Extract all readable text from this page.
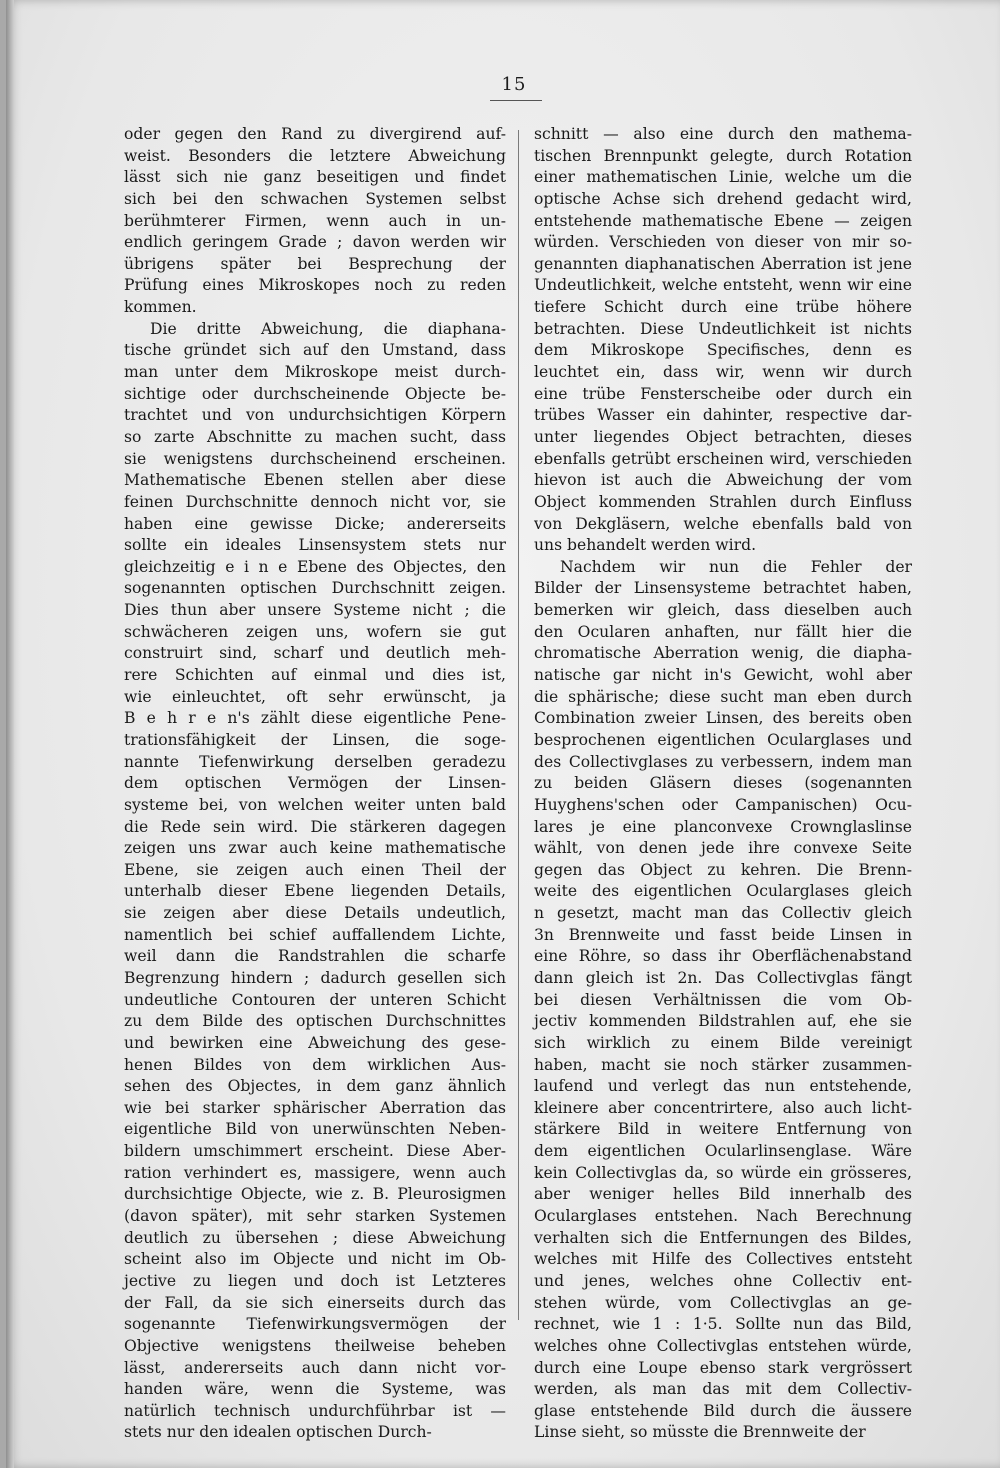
15
oder gegen den Rand zu divergirend auf-
weist. Besonders die letztere Abweichung
lässt sich nie ganz beseitigen und findet
sich bei den schwachen Systemen selbst
berühmterer Firmen, wenn auch in un-
endlich geringem Grade ; davon werden wir
übrigens später bei Besprechung der
Prüfung eines Mikroskopes noch zu reden
kommen.
Die dritte Abweichung, die diaphana-
tische gründet sich auf den Umstand, dass
man unter dem Mikroskope meist durch-
sichtige oder durchscheinende Objecte be-
trachtet und von undurchsichtigen Körpern
so zarte Abschnitte zu machen sucht, dass
sie wenigstens durchscheinend erscheinen.
Mathematische Ebenen stellen aber diese
feinen Durchschnitte dennoch nicht vor, sie
haben eine gewisse Dicke; andererseits
sollte ein ideales Linsensystem stets nur
gleichzeitig e i n e Ebene des Objectes, den
sogenannten optischen Durchschnitt zeigen.
Dies thun aber unsere Systeme nicht ; die
schwächeren zeigen uns, wofern sie gut
construirt sind, scharf und deutlich meh-
rere Schichten auf einmal und dies ist,
wie einleuchtet, oft sehr erwünscht, ja
B e h r e n's zählt diese eigentliche Pene-
trationsfähigkeit der Linsen, die soge-
nannte Tiefenwirkung derselben geradezu
dem optischen Vermögen der Linsen-
systeme bei, von welchen weiter unten bald
die Rede sein wird. Die stärkeren dagegen
zeigen uns zwar auch keine mathematische
Ebene, sie zeigen auch einen Theil der
unterhalb dieser Ebene liegenden Details,
sie zeigen aber diese Details undeutlich,
namentlich bei schief auffallendem Lichte,
weil dann die Randstrahlen die scharfe
Begrenzung hindern ; dadurch gesellen sich
undeutliche Contouren der unteren Schicht
zu dem Bilde des optischen Durchschnittes
und bewirken eine Abweichung des gese-
henen Bildes von dem wirklichen Aus-
sehen des Objectes, in dem ganz ähnlich
wie bei starker sphärischer Aberration das
eigentliche Bild von unerwünschten Neben-
bildern umschimmert erscheint. Diese Aber-
ration verhindert es, massigere, wenn auch
durchsichtige Objecte, wie z. B. Pleurosigmen
(davon später), mit sehr starken Systemen
deutlich zu übersehen ; diese Abweichung
scheint also im Objecte und nicht im Ob-
jective zu liegen und doch ist Letzteres
der Fall, da sie sich einerseits durch das
sogenannte Tiefenwirkungsvermögen der
Objective wenigstens theilweise beheben
lässt, andererseits auch dann nicht vor-
handen wäre, wenn die Systeme, was
natürlich technisch undurchführbar ist —
stets nur den idealen optischen Durch-
schnitt — also eine durch den mathema-
tischen Brennpunkt gelegte, durch Rotation
einer mathematischen Linie, welche um die
optische Achse sich drehend gedacht wird,
entstehende mathematische Ebene — zeigen
würden. Verschieden von dieser von mir so-
genannten diaphanatischen Aberration ist jene
Undeutlichkeit, welche entsteht, wenn wir eine
tiefere Schicht durch eine trübe höhere
betrachten. Diese Undeutlichkeit ist nichts
dem Mikroskope Specifisches, denn es
leuchtet ein, dass wir, wenn wir durch
eine trübe Fensterscheibe oder durch ein
trübes Wasser ein dahinter, respective dar-
unter liegendes Object betrachten, dieses
ebenfalls getrübt erscheinen wird, verschieden
hievon ist auch die Abweichung der vom
Object kommenden Strahlen durch Einfluss
von Dekgläsern, welche ebenfalls bald von
uns behandelt werden wird.
Nachdem wir nun die Fehler der
Bilder der Linsensysteme betrachtet haben,
bemerken wir gleich, dass dieselben auch
den Ocularen anhaften, nur fällt hier die
chromatische Aberration wenig, die diapha-
natische gar nicht in's Gewicht, wohl aber
die sphärische; diese sucht man eben durch
Combination zweier Linsen, des bereits oben
besprochenen eigentlichen Ocularglases und
des Collectivglases zu verbessern, indem man
zu beiden Gläsern dieses (sogenannten
Huyghens'schen oder Campanischen) Ocu-
lares je eine planconvexe Crownglaslinse
wählt, von denen jede ihre convexe Seite
gegen das Object zu kehren. Die Brenn-
weite des eigentlichen Ocularglases gleich
n gesetzt, macht man das Collectiv gleich
3n Brennweite und fasst beide Linsen in
eine Röhre, so dass ihr Oberflächenabstand
dann gleich ist 2n. Das Collectivglas fängt
bei diesen Verhältnissen die vom Ob-
jectiv kommenden Bildstrahlen auf, ehe sie
sich wirklich zu einem Bilde vereinigt
haben, macht sie noch stärker zusammen-
laufend und verlegt das nun entstehende,
kleinere aber concentrirtere, also auch licht-
stärkere Bild in weitere Entfernung von
dem eigentlichen Ocularlinsenglase. Wäre
kein Collectivglas da, so würde ein grösseres,
aber weniger helles Bild innerhalb des
Ocularglases entstehen. Nach Berechnung
verhalten sich die Entfernungen des Bildes,
welches mit Hilfe des Collectives entsteht
und jenes, welches ohne Collectiv ent-
stehen würde, vom Collectivglas an ge-
rechnet, wie 1 : 1·5. Sollte nun das Bild,
welches ohne Collectivglas entstehen würde,
durch eine Loupe ebenso stark vergrössert
werden, als man das mit dem Collectiv-
glase entstehende Bild durch die äussere
Linse sieht, so müsste die Brennweite der
